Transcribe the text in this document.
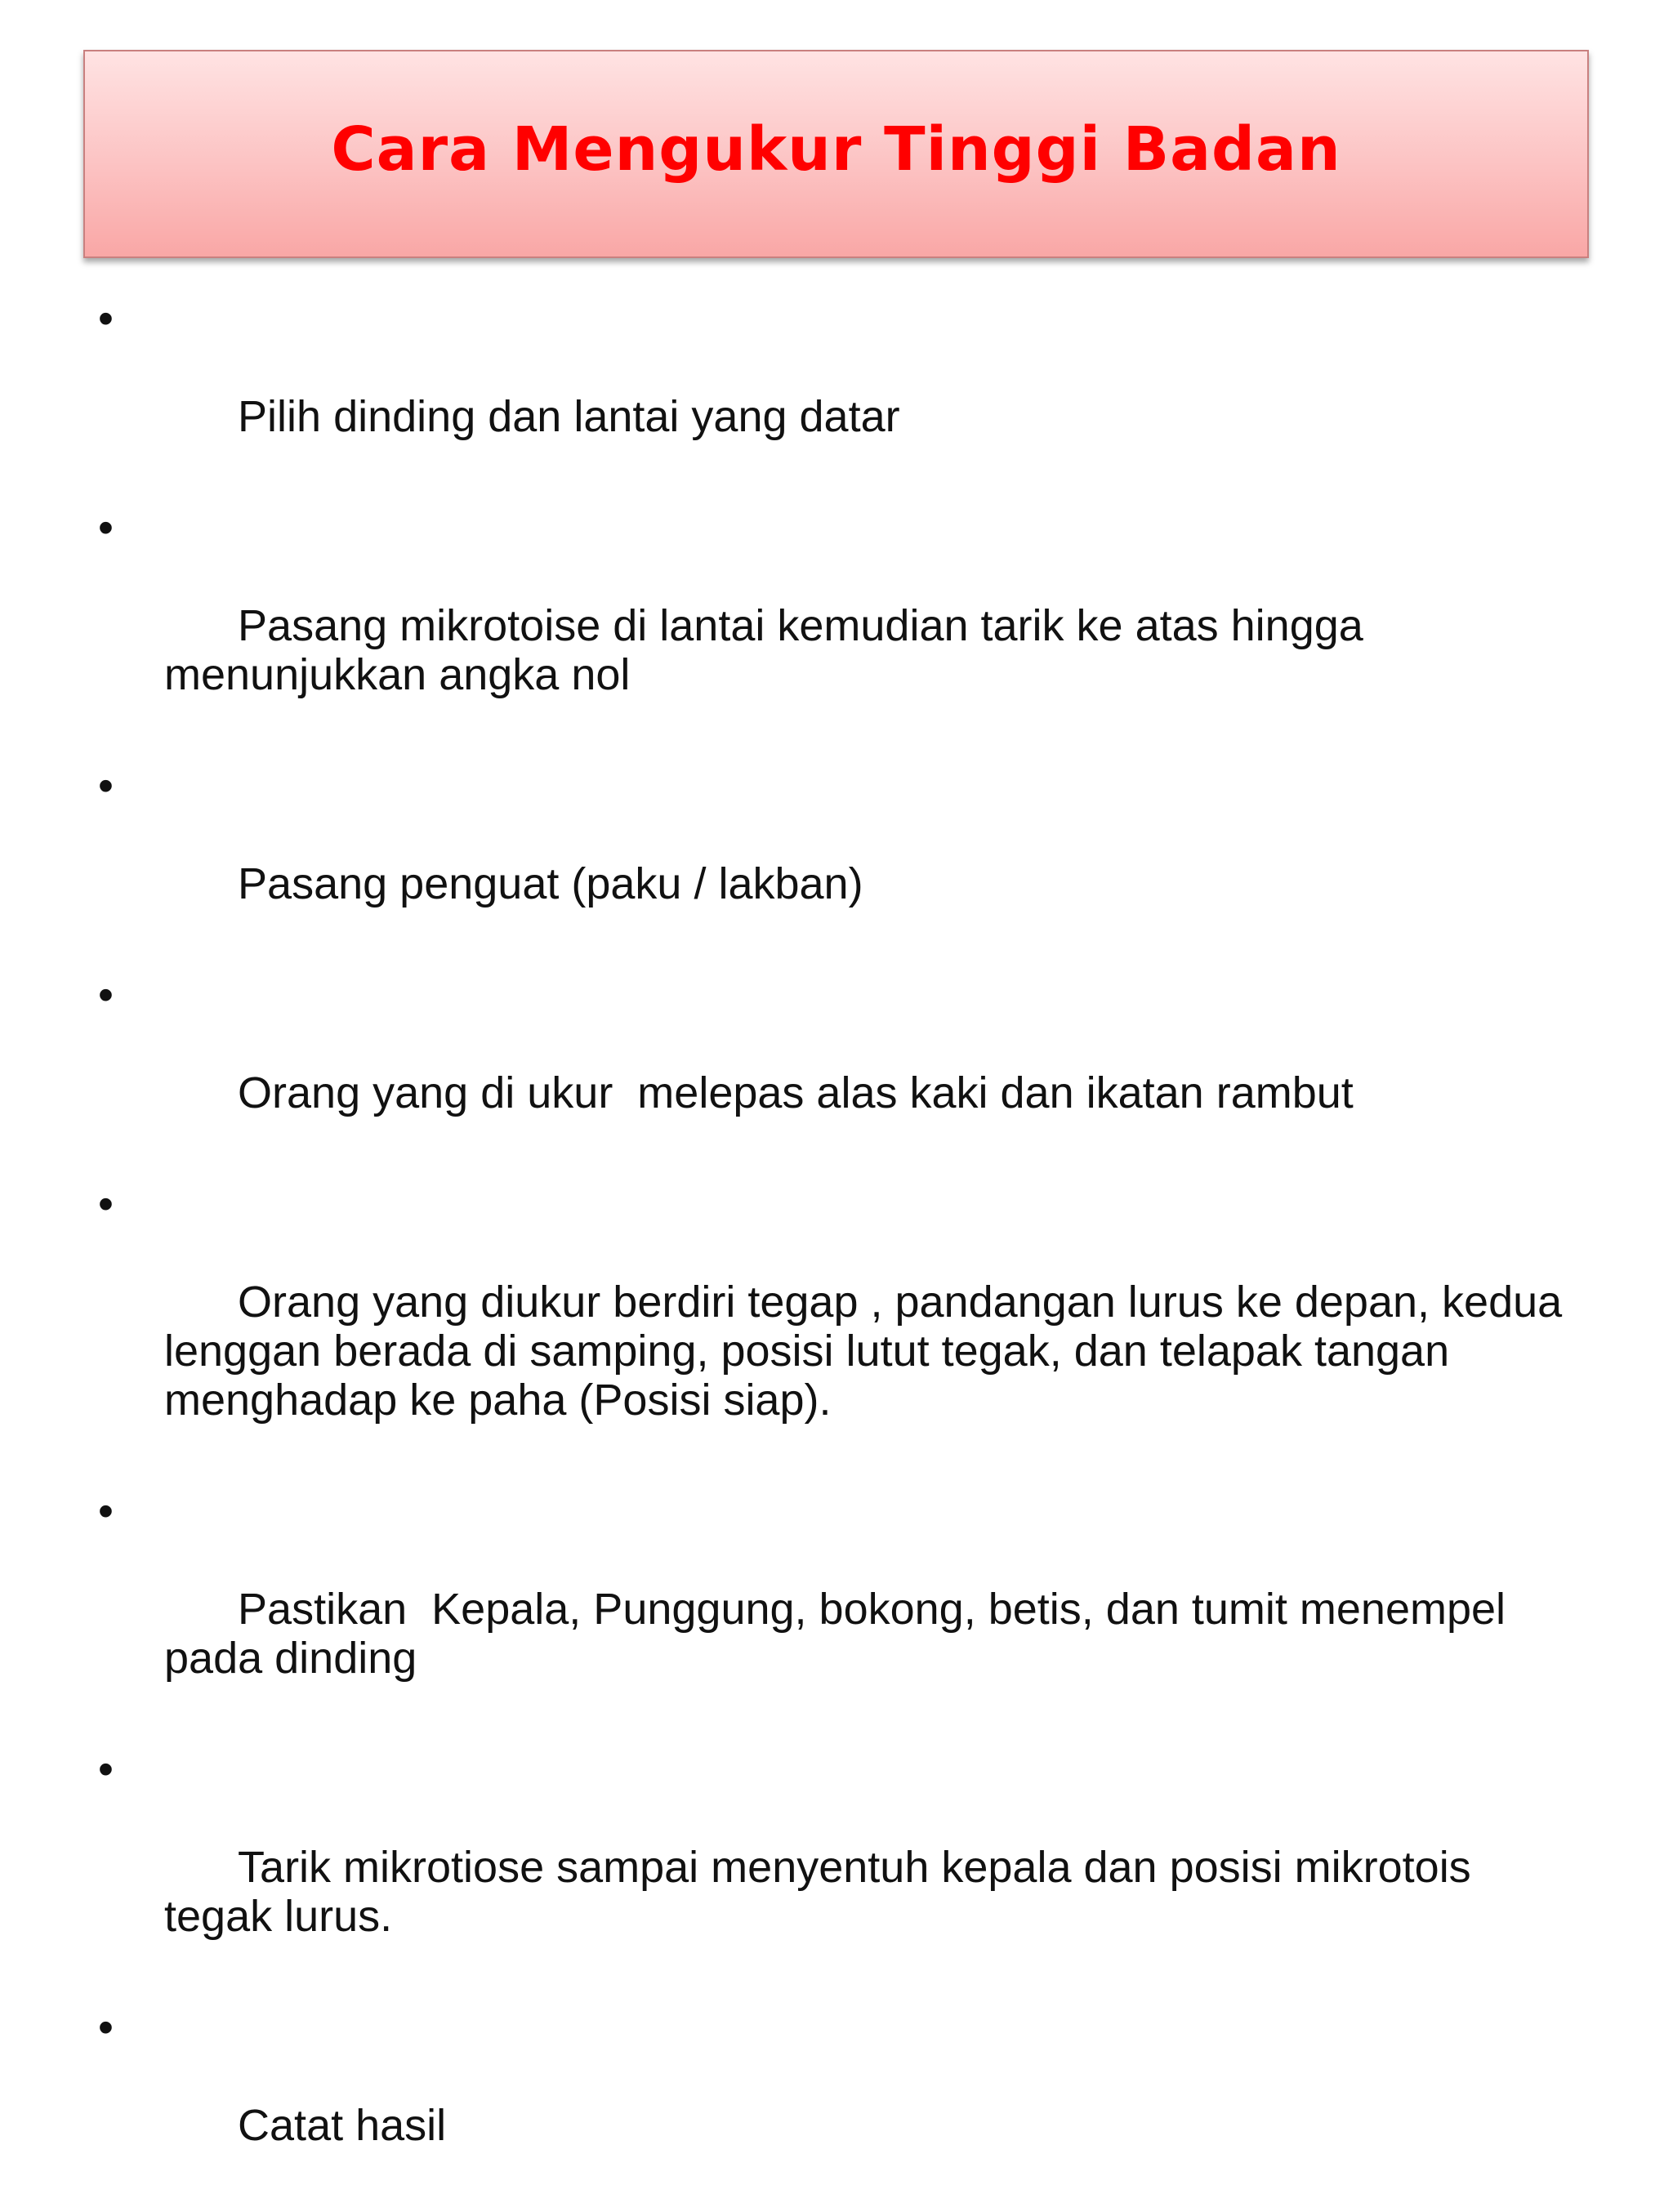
Cara Mengukur Tinggi Badan

•

Pilih dinding dan lantai yang datar

•

Pasang mikrotoise di lantai kemudian tarik ke atas hingga
menunjukkan angka nol

•

Pasang penguat (paku / lakban)

•

Orang yang di ukur  melepas alas kaki dan ikatan rambut

•

Orang yang diukur berdiri tegap , pandangan lurus ke depan, kedua
lenggan berada di samping, posisi lutut tegak, dan telapak tangan
menghadap ke paha (Posisi siap).

•

Pastikan  Kepala, Punggung, bokong, betis, dan tumit menempel
pada dinding

•

Tarik mikrotiose sampai menyentuh kepala dan posisi mikrotois
tegak lurus.

•

Catat hasil
